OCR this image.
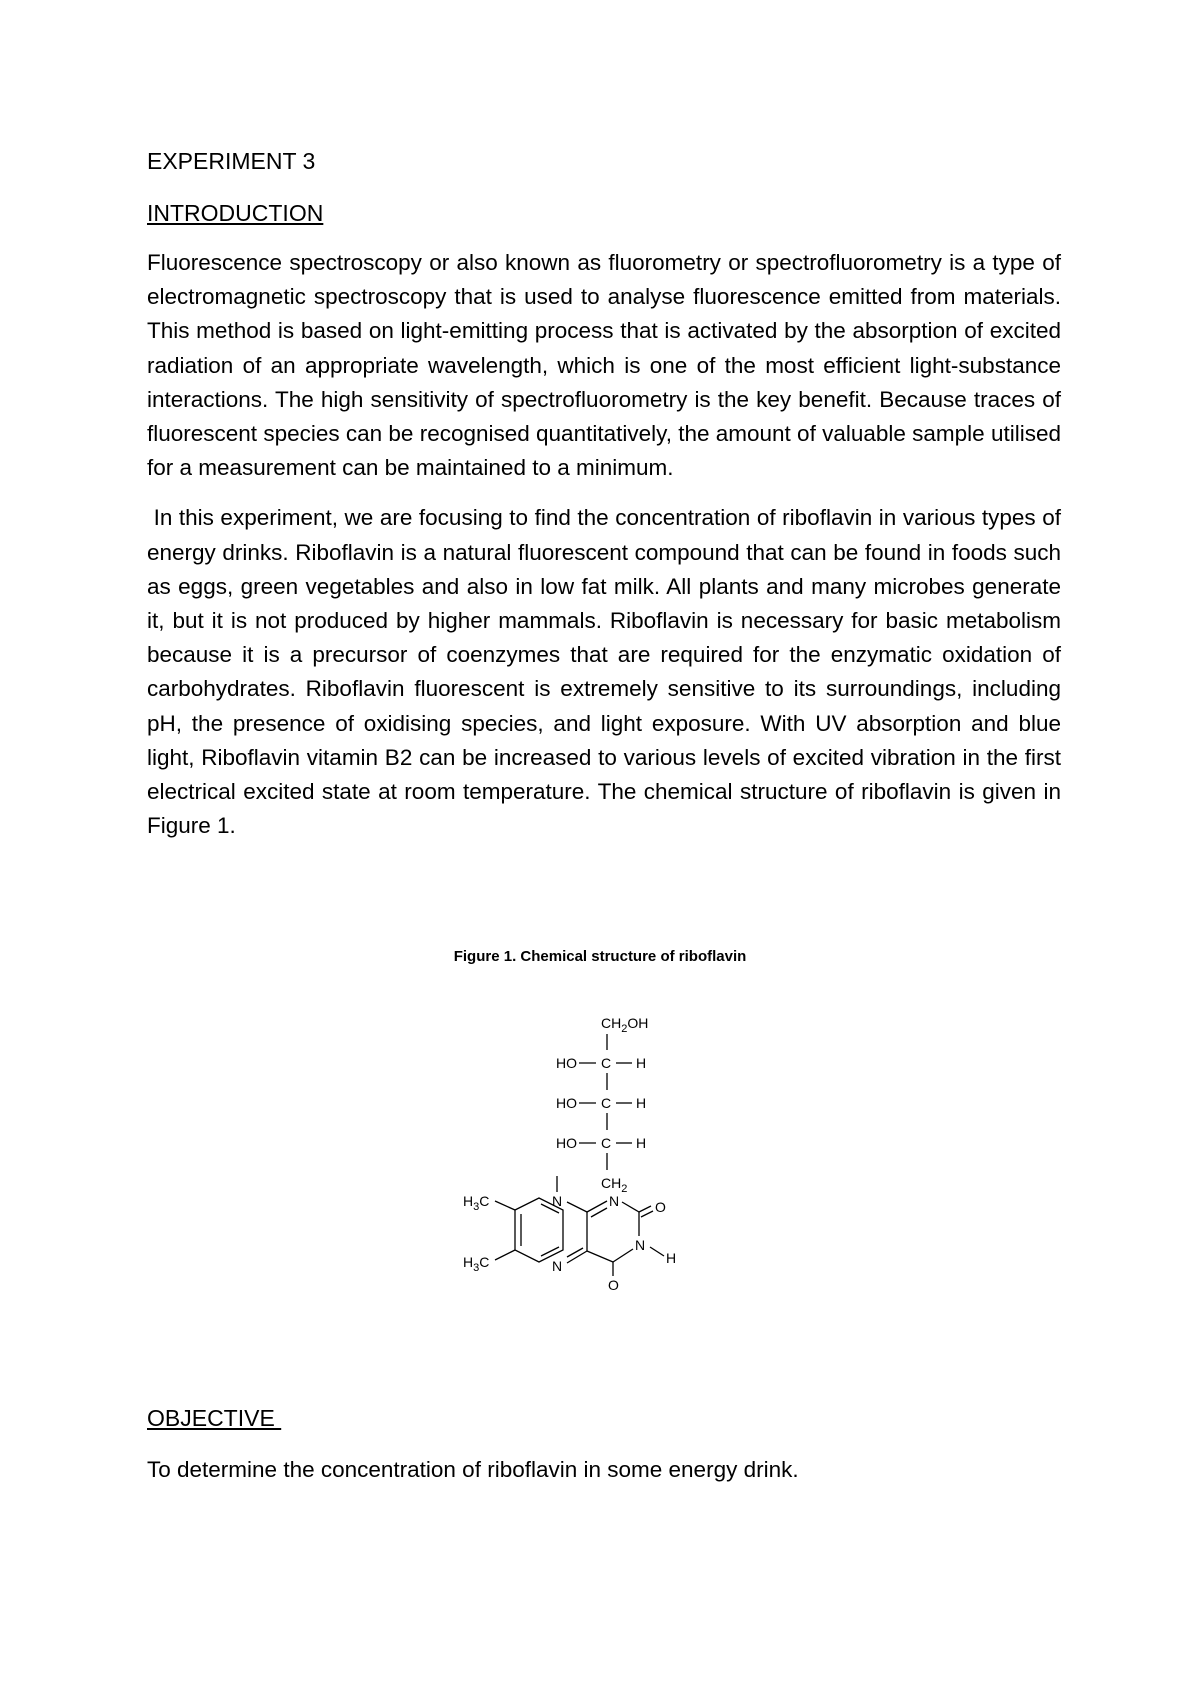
EXPERIMENT 3

INTRODUCTION

Fluorescence spectroscopy or also known as fluorometry or spectrofluorometry is a type of electromagnetic spectroscopy that is used to analyse fluorescence emitted from materials. This method is based on light-emitting process that is activated by the absorption of excited radiation of an appropriate wavelength, which is one of the most efficient light-substance interactions. The high sensitivity of spectrofluorometry is the key benefit. Because traces of fluorescent species can be recognised quantitatively, the amount of valuable sample utilised for a measurement can be maintained to a minimum.

In this experiment, we are focusing to find the concentration of riboflavin in various types of energy drinks. Riboflavin is a natural fluorescent compound that can be found in foods such as eggs, green vegetables and also in low fat milk. All plants and many microbes generate it, but it is not produced by higher mammals. Riboflavin is necessary for basic metabolism because it is a precursor of coenzymes that are required for the enzymatic oxidation of carbohydrates. Riboflavin fluorescent is extremely sensitive to its surroundings, including pH, the presence of oxidising species, and light exposure. With UV absorption and blue light, Riboflavin vitamin B2 can be increased to various levels of excited vibration in the first electrical excited state at room temperature. The chemical structure of riboflavin is given in Figure 1.

Figure 1. Chemical structure of riboflavin
$CH_2OH$
HO C H
HO C H
HO C H
$CH_2$
OBJECTIVE

To determine the concentration of riboflavin in some energy drink.

$H_3C$
$H_3C$
N
N
N	O
N
H
O
